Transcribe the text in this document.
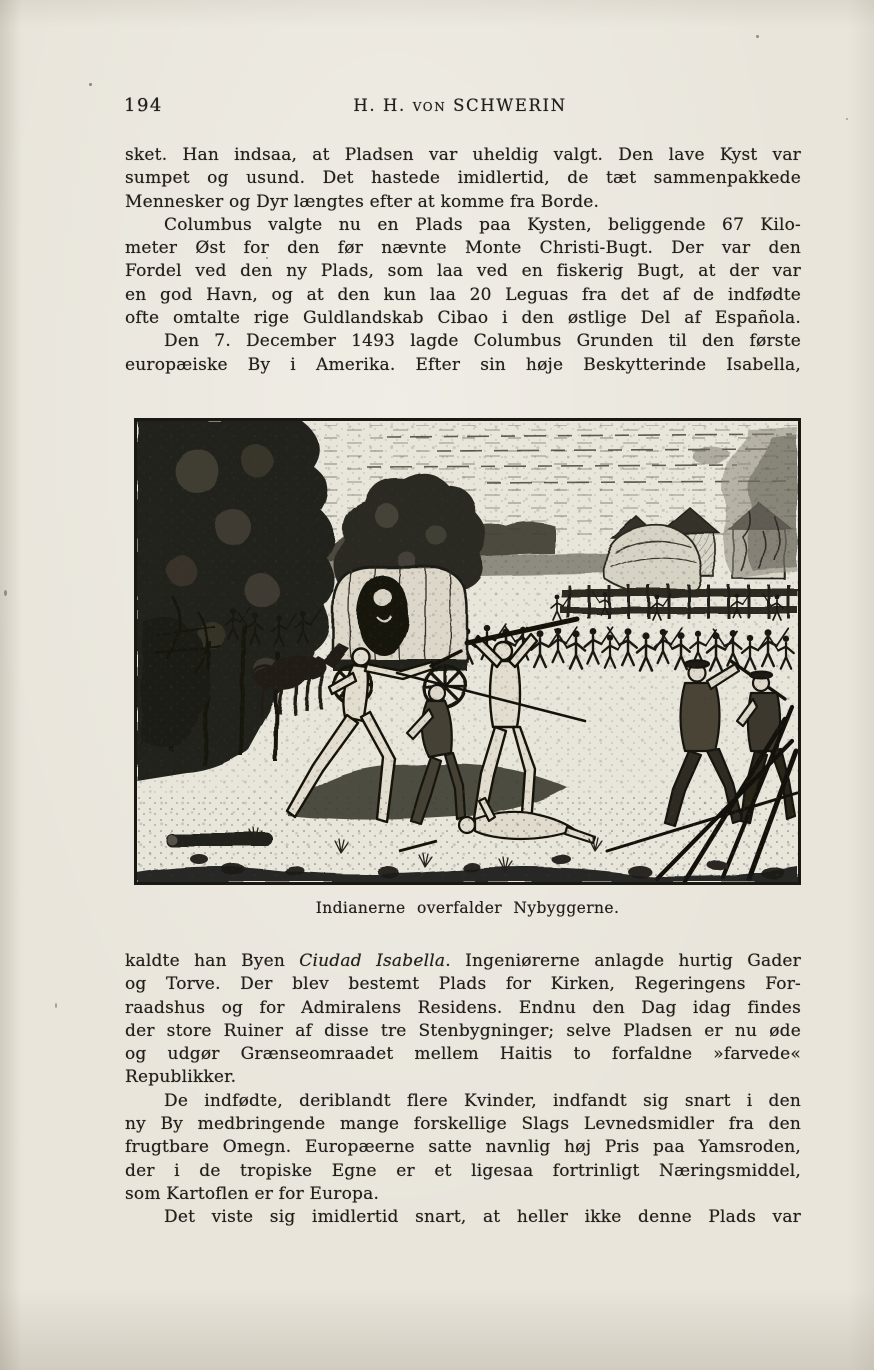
194	H. H. von SCHWERIN
sket. Han indsaa, at Pladsen var uheldig valgt. Den lave Kyst var
sumpet og usund. Det hastede imidlertid, de tæt sammenpakkede
Mennesker og Dyr længtes efter at komme fra Borde.
Columbus valgte nu en Plads paa Kysten, beliggende 67 Kilo-
meter Øst for den før nævnte Monte Christi-Bugt. Der var den
Fordel ved den ny Plads, som laa ved en fiskerig Bugt, at der var
en god Havn, og at den kun laa 20 Leguas fra det af de indfødte
ofte omtalte rige Guldlandskab Cibao i den østlige Del af Española.
Den 7. December 1493 lagde Columbus Grunden til den første
europæiske By i Amerika. Efter sin høje Beskytterinde Isabella,
Indianerne overfalder Nybyggerne.
kaldte han Byen Ciudad Isabella. Ingeniørerne anlagde hurtig Gader
og Torve. Der blev bestemt Plads for Kirken, Regeringens For-
raadshus og for Admiralens Residens. Endnu den Dag idag findes
der store Ruiner af disse tre Stenbygninger; selve Pladsen er nu øde
og udgør Grænseomraadet mellem Haitis to forfaldne »farvede«
Republikker.
De indfødte, deriblandt flere Kvinder, indfandt sig snart i den
ny By medbringende mange forskellige Slags Levnedsmidler fra den
frugtbare Omegn. Europæerne satte navnlig høj Pris paa Yamsroden,
der i de tropiske Egne er et ligesaa fortrinligt Næringsmiddel,
som Kartoflen er for Europa.
Det viste sig imidlertid snart, at heller ikke denne Plads var
